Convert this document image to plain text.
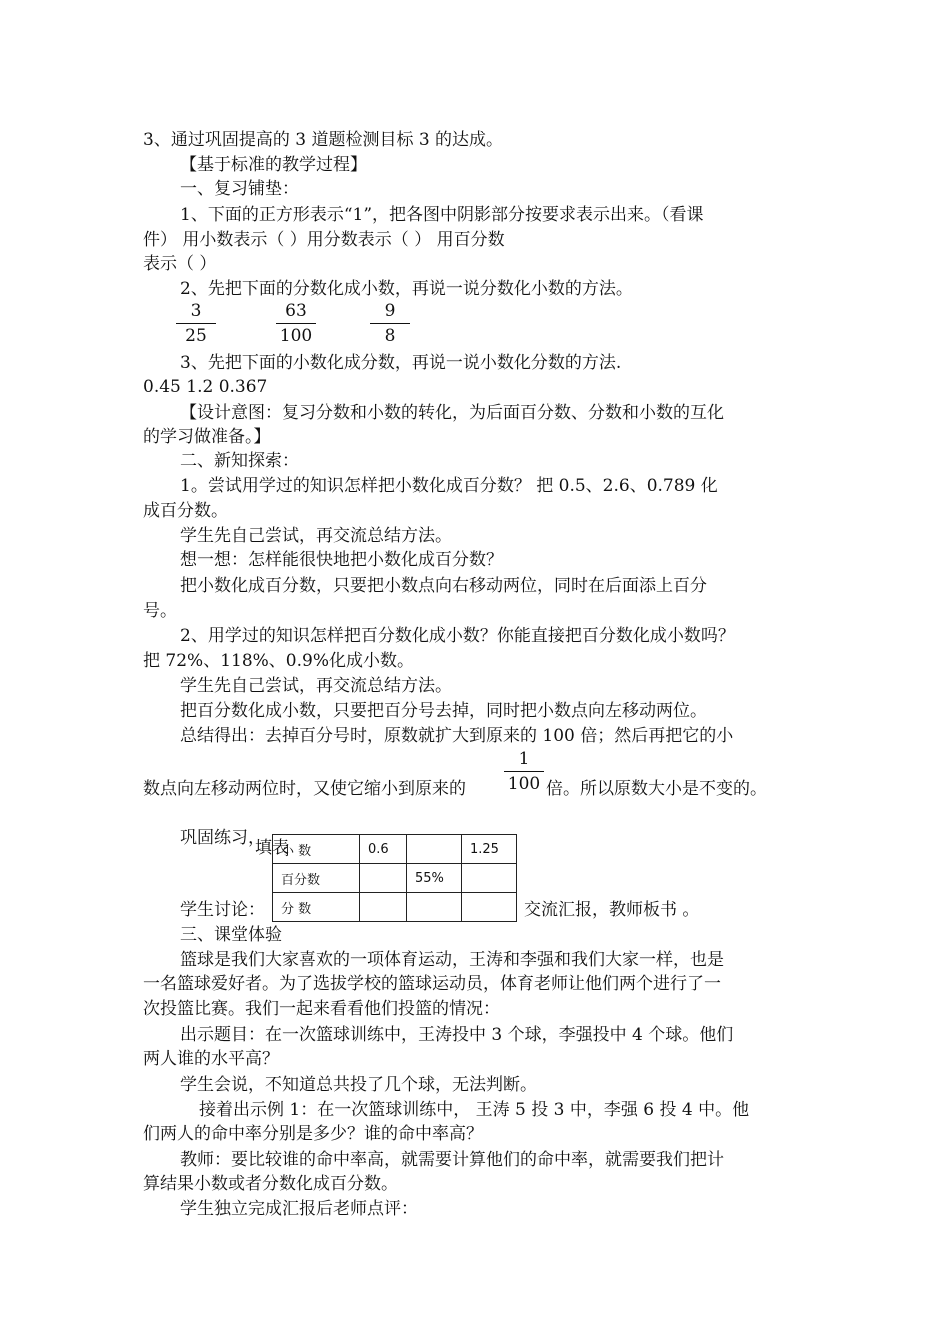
3、通过巩固提高的 3 道题检测目标 3 的达成。
【基于标准的教学过程】
一、复习铺垫：
1、下面的正方形表示“1”，把各图中阴影部分按要求表示出来。（看课
件） 用小数表示（ ）用分数表示（ ） 用百分数
表示（ ）
2、先把下面的分数化成小数，再说一说分数化小数的方法。
3
25
63
100
9
8
3、先把下面的小数化成分数，再说一说小数化分数的方法.
0.45 1.2 0.367
【设计意图：复习分数和小数的转化，为后面百分数、分数和小数的互化
的学习做准备。】
二、新知探索：
1。尝试用学过的知识怎样把小数化成百分数？ 把 0.5、2.6、0.789 化
成百分数。
学生先自己尝试，再交流总结方法。
想一想：怎样能很快地把小数化成百分数？
把小数化成百分数，只要把小数点向右移动两位，同时在后面添上百分
号。
2、用学过的知识怎样把百分数化成小数？你能直接把百分数化成小数吗？
把 72%、118%、0.9%化成小数。
学生先自己尝试，再交流总结方法。
把百分数化成小数，只要把百分号去掉，同时把小数点向左移动两位。
总结得出：去掉百分号时，原数就扩大到原来的 100 倍；然后再把它的小
数点向左移动两位时，又使它缩小到原来的
1
100 倍。所以原数大小是不变的。
巩固练习，
填表
小 数	0.6		1.25
百分数		55%	
分 数			
学生讨论：	交流汇报，教师板书 。
三、课堂体验
篮球是我们大家喜欢的一项体育运动，王涛和李强和我们大家一样，也是
一名篮球爱好者。为了选拔学校的篮球运动员，体育老师让他们两个进行了一
次投篮比赛。我们一起来看看他们投篮的情况：
出示题目：在一次篮球训练中，王涛投中 3 个球，李强投中 4 个球。他们
两人谁的水平高？
学生会说，不知道总共投了几个球，无法判断。
接着出示例 1：在一次篮球训练中， 王涛 5 投 3 中，李强 6 投 4 中。他
们两人的命中率分别是多少？谁的命中率高？
教师：要比较谁的命中率高，就需要计算他们的命中率，就需要我们把计
算结果小数或者分数化成百分数。
学生独立完成汇报后老师点评：
